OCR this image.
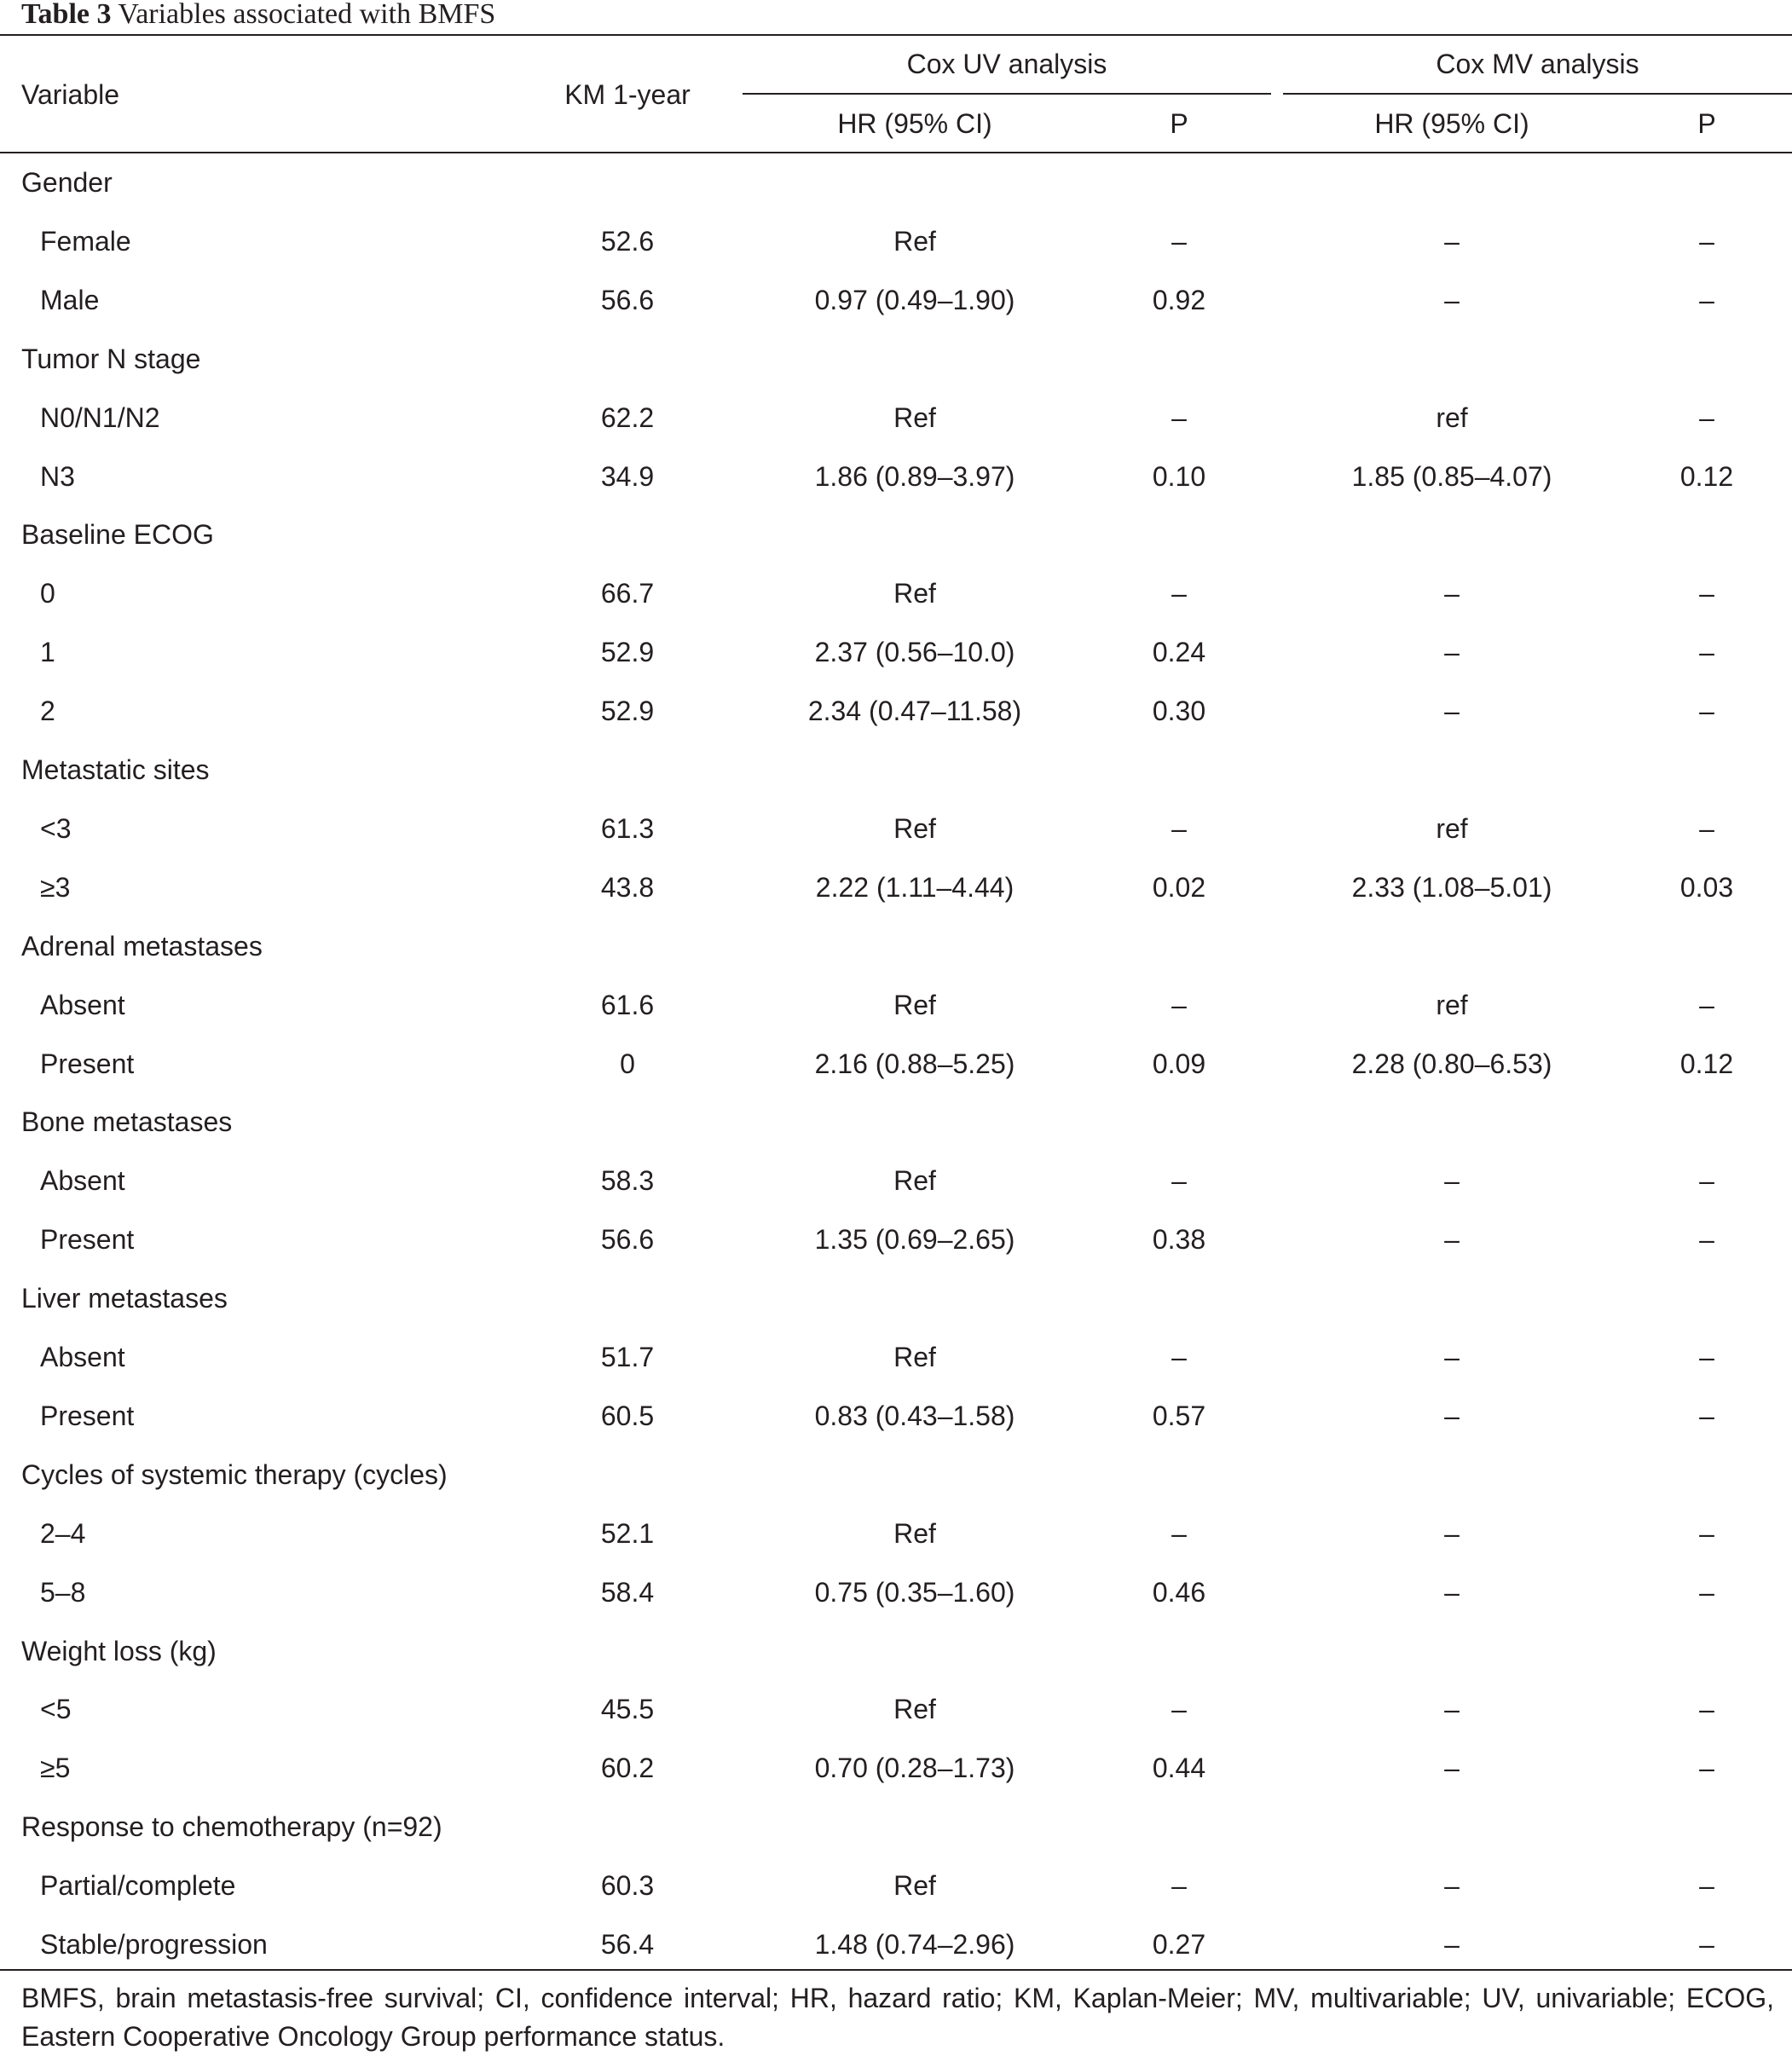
Table 3 Variables associated with BMFS
Variable	KM 1-year
Cox UV analysis	Cox MV analysis
HR (95% CI)	P	HR (95% CI)	P
Gender
Female	52.6	Ref	–	–	–
Male	56.6	0.97 (0.49–1.90)	0.92	–	–
Tumor N stage
N0/N1/N2	62.2	Ref	–	ref	–
N3	34.9	1.86 (0.89–3.97)	0.10	1.85 (0.85–4.07)	0.12
Baseline ECOG
0	66.7	Ref	–	–	–
1	52.9	2.37 (0.56–10.0)	0.24	–	–
2	52.9	2.34 (0.47–11.58)	0.30	–	–
Metastatic sites
<3	61.3	Ref	–	ref	–
≥3	43.8	2.22 (1.11–4.44)	0.02	2.33 (1.08–5.01)	0.03
Adrenal metastases
Absent	61.6	Ref	–	ref	–
Present	0	2.16 (0.88–5.25)	0.09	2.28 (0.80–6.53)	0.12
Bone metastases
Absent	58.3	Ref	–	–	–
Present	56.6	1.35 (0.69–2.65)	0.38	–	–
Liver metastases
Absent	51.7	Ref	–	–	–
Present	60.5	0.83 (0.43–1.58)	0.57	–	–
Cycles of systemic therapy (cycles)
2–4	52.1	Ref	–	–	–
5–8	58.4	0.75 (0.35–1.60)	0.46	–	–
Weight loss (kg)
<5	45.5	Ref	–	–	–
≥5	60.2	0.70 (0.28–1.73)	0.44	–	–
Response to chemotherapy (n=92)
Partial/complete	60.3	Ref	–	–	–
Stable/progression	56.4	1.48 (0.74–2.96)	0.27	–	–
BMFS, brain metastasis-free survival; CI, confidence interval; HR, hazard ratio; KM, Kaplan-Meier; MV, multivariable; UV, univariable; ECOG, Eastern Cooperative Oncology Group performance status.
